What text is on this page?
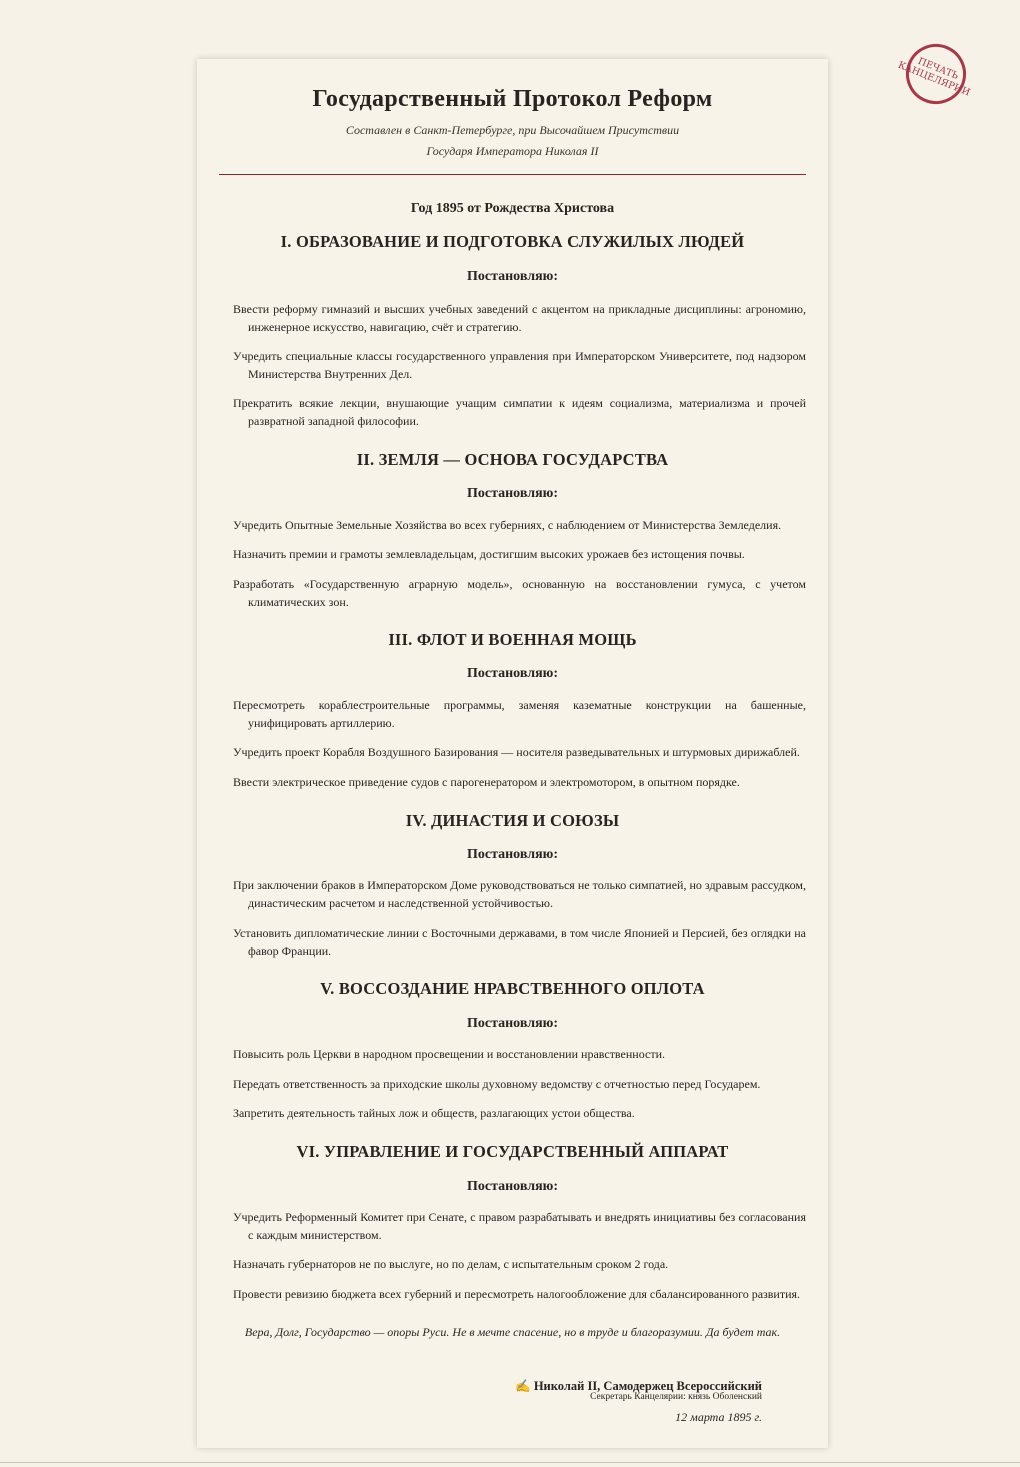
ПЕЧАТЬ
КАНЦЕЛЯРИИ
Государственный Протокол Реформ
Составлен в Санкт-Петербурге, при Высочайшем Присутствии
Государя Императора Николая II
Год 1895 от Рождества Христова
I. ОБРАЗОВАНИЕ И ПОДГОТОВКА СЛУЖИЛЫХ ЛЮДЕЙ
Постановляю:
Ввести реформу гимназий и высших учебных заведений с акцентом на прикладные дисциплины: агрономию, инженерное искусство, навигацию, счёт и стратегию.
Учредить специальные классы государственного управления при Императорском Университете, под надзором Министерства Внутренних Дел.
Прекратить всякие лекции, внушающие учащим симпатии к идеям социализма, материализма и прочей развратной западной философии.
II. ЗЕМЛЯ — ОСНОВА ГОСУДАРСТВА
Постановляю:
Учредить Опытные Земельные Хозяйства во всех губерниях, с наблюдением от Министерства Земледелия.
Назначить премии и грамоты землевладельцам, достигшим высоких урожаев без истощения почвы.
Разработать «Государственную аграрную модель», основанную на восстановлении гумуса, с учетом климатических зон.
III. ФЛОТ И ВОЕННАЯ МОЩЬ
Постановляю:
Пересмотреть кораблестроительные программы, заменяя казематные конструкции на башенные, унифицировать артиллерию.
Учредить проект Корабля Воздушного Базирования — носителя разведывательных и штурмовых дирижаблей.
Ввести электрическое приведение судов с парогенератором и электромотором, в опытном порядке.
IV. ДИНАСТИЯ И СОЮЗЫ
Постановляю:
При заключении браков в Императорском Доме руководствоваться не только симпатией, но здравым рассудком, династическим расчетом и наследственной устойчивостью.
Установить дипломатические линии с Восточными державами, в том числе Японией и Персией, без оглядки на фавор Франции.
V. ВОССОЗДАНИЕ НРАВСТВЕННОГО ОПЛОТА
Постановляю:
Повысить роль Церкви в народном просвещении и восстановлении нравственности.
Передать ответственность за приходские школы духовному ведомству с отчетностью перед Государем.
Запретить деятельность тайных лож и обществ, разлагающих устои общества.
VI. УПРАВЛЕНИЕ И ГОСУДАРСТВЕННЫЙ АППАРАТ
Постановляю:
Учредить Реформенный Комитет при Сенате, с правом разрабатывать и внедрять инициативы без согласования с каждым министерством.
Назначать губернаторов не по выслуге, но по делам, с испытательным сроком 2 года.
Провести ревизию бюджета всех губерний и пересмотреть налогообложение для сбалансированного развития.
Вера, Долг, Государство — опоры Руси. Не в мечте спасение, но в труде и благоразумии. Да будет так.
✍ Николай II, Самодержец Всероссийский
Секретарь Канцелярии: князь Оболенский
12 марта 1895 г.
